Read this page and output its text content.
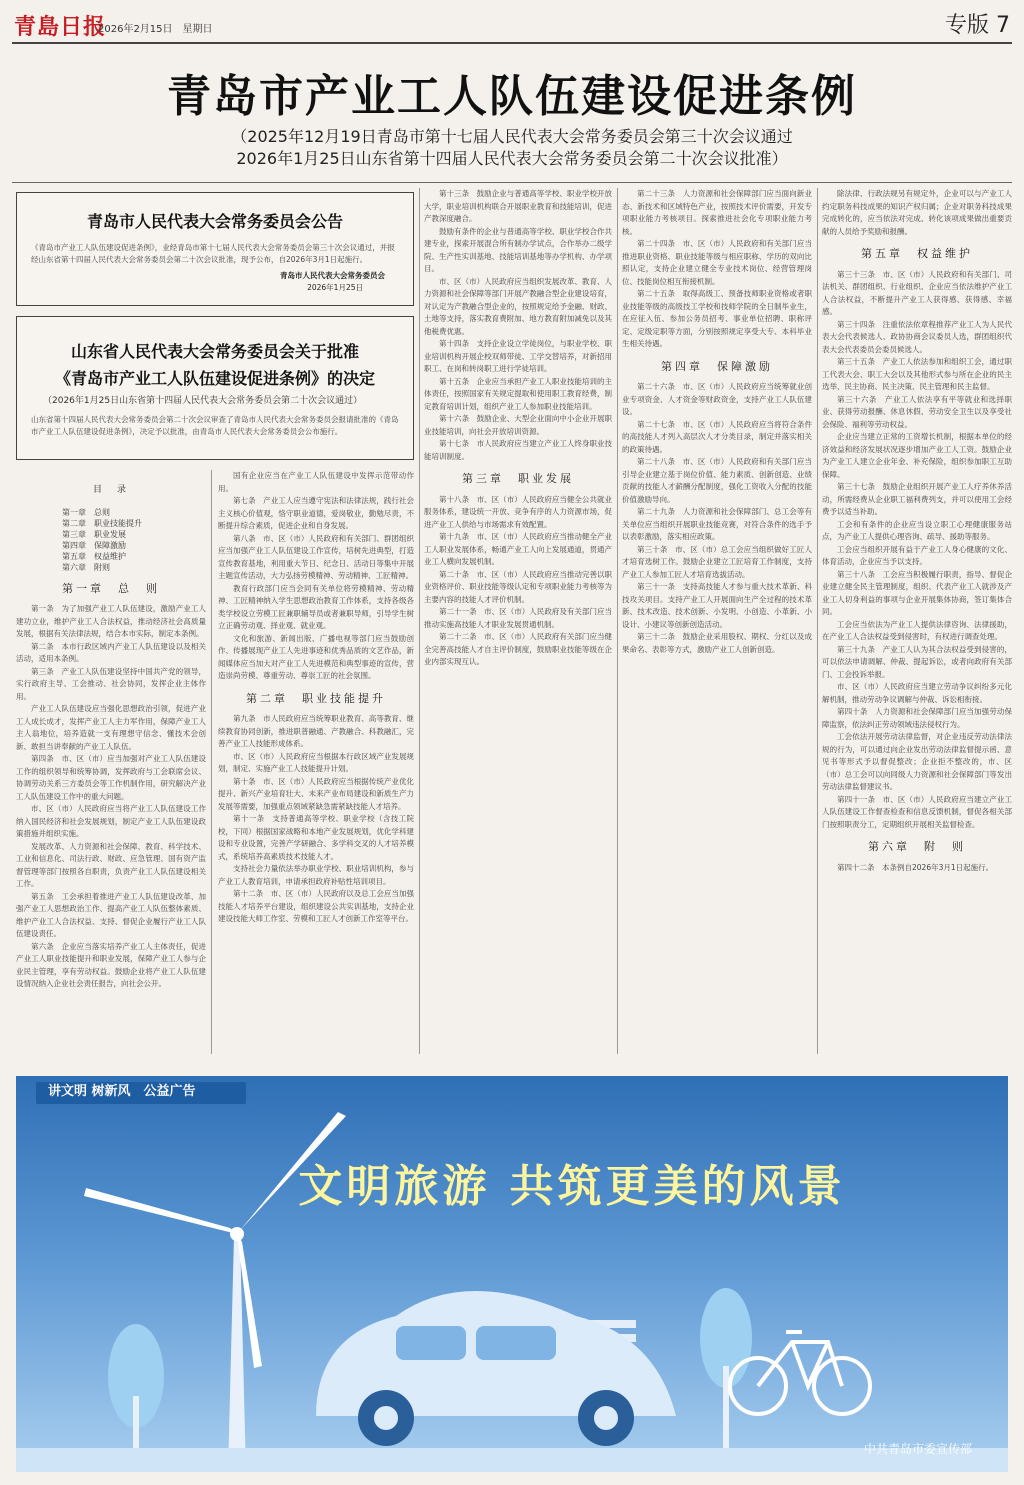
青島日报
2026年2月15日　星期日	专版 7
青岛市产业工人队伍建设促进条例
（2025年12月19日青岛市第十七届人民代表大会常务委员会第三十次会议通过
2026年1月25日山东省第十四届人民代表大会常务委员会第二十次会议批准）
青岛市人民代表大会常务委员会公告
《青岛市产业工人队伍建设促进条例》，业经青岛市第十七届人民代表大会常务委员会第三十次会议通过，并报经山东省第十四届人民代表大会常务委员会第二十次会议批准，现予公布，自2026年3月1日起施行。
青岛市人民代表大会常务委员会
2026年1月25日
山东省人民代表大会常务委员会关于批准
《青岛市产业工人队伍建设促进条例》的决定
（2026年1月25日山东省第十四届人民代表大会常务委员会第二十次会议通过）
山东省第十四届人民代表大会常务委员会第二十次会议审查了青岛市人民代表大会常务委员会报请批准的《青岛市产业工人队伍建设促进条例》，决定予以批准，由青岛市人民代表大会常务委员会公布施行。
目　录
第一章　总则
第二章　职业技能提升
第三章　职业发展
第四章　保障激励
第五章　权益维护
第六章　附则
第一章　总　则

第一条　为了加强产业工人队伍建设，激励产业工人建功立业，维护产业工人合法权益，推动经济社会高质量发展，根据有关法律法规，结合本市实际，制定本条例。

第二条　本市行政区域内产业工人队伍建设以及相关活动，适用本条例。

第三条　产业工人队伍建设坚持中国共产党的领导，实行政府主导、工会推动、社会协同，发挥企业主体作用。

产业工人队伍建设应当强化思想政治引领，促进产业工人成长成才，发挥产业工人主力军作用，保障产业工人主人翁地位，培养造就一支有理想守信念、懂技术会创新、敢担当讲奉献的产业工人队伍。

第四条　市、区（市）应当加强对产业工人队伍建设工作的组织领导和统筹协调，发挥政府与工会联席会议、协调劳动关系三方委员会等工作机制作用，研究解决产业工人队伍建设工作中的重大问题。

市、区（市）人民政府应当将产业工人队伍建设工作纳入国民经济和社会发展规划，制定产业工人队伍建设政策措施并组织实施。

发展改革、人力资源和社会保障、教育、科学技术、工业和信息化、司法行政、财政、应急管理、国有资产监督管理等部门按照各自职责，负责产业工人队伍建设相关工作。

第五条　工会承担着推进产业工人队伍建设改革、加强产业工人思想政治工作、提高产业工人队伍整体素质、维护产业工人合法权益、支持、督促企业履行产业工人队伍建设责任。

第六条　企业应当落实培养产业工人主体责任，促进产业工人职业技能提升和职业发展，保障产业工人参与企业民主管理，享有劳动权益。鼓励企业将产业工人队伍建设情况纳入企业社会责任报告，向社会公开。

国有企业应当在产业工人队伍建设中发挥示范带动作用。

第七条　产业工人应当遵守宪法和法律法规，践行社会主义核心价值观，恪守职业道德，爱岗敬业，勤勉尽责，不断提升综合素质，促进企业和自身发展。

第八条　市、区（市）人民政府和有关部门、群团组织应当加强产业工人队伍建设工作宣传，培树先进典型，打造宣传教育基地，利用重大节日、纪念日、活动日等集中开展主题宣传活动，大力弘扬劳模精神、劳动精神、工匠精神。

教育行政部门应当会同有关单位将劳模精神、劳动精神、工匠精神纳入学生思想政治教育工作体系，支持各级各类学校设立劳模工匠兼职辅导员或者兼职导师，引导学生树立正确劳动观、择业观、就业观。

文化和旅游、新闻出版、广播电视等部门应当鼓励创作、传播展现产业工人先进事迹和优秀品质的文艺作品，新闻媒体应当加大对产业工人先进模范和典型事迹的宣传，营造崇尚劳模、尊重劳动、尊崇工匠的社会氛围。

第二章　职业技能提升

第九条　市人民政府应当统筹职业教育、高等教育、继续教育协同创新，推进职普融通、产教融合、科教融汇，完善产业工人技能形成体系。

市、区（市）人民政府应当根据本行政区域产业发展规划，制定、实施产业工人技能提升计划。

第十条　市、区（市）人民政府应当根据传统产业优化提升、新兴产业培育壮大、未来产业布局建设和新质生产力发展等需要，加强重点领域紧缺急需紧缺技能人才培养。

第十一条　支持普通高等学校、职业学校（含技工院校，下同）根据国家战略和本地产业发展规划，优化学科建设和专业设置，完善产学研融合、多学科交叉的人才培养模式，系统培养高素质技术技能人才。

支持社会力量依法举办职业学校、职业培训机构，参与产业工人教育培训，申请承担政府补贴性培训项目。

第十二条　市、区（市）人民政府以及总工会应当加强技能人才培养平台建设，组织建设公共实训基地，支持企业建设技能大师工作室、劳模和工匠人才创新工作室等平台。

第十三条　鼓励企业与普通高等学校、职业学校开放大学，职业培训机构联合开展职业教育和技能培训，促进产教深度融合。

鼓励有条件的企业与普通高等学校、职业学校合作共建专业，探索开展混合所有制办学试点，合作举办二级学院、生产性实训基地、技能培训基地等办学机构、办学项目。

市、区（市）人民政府应当组织发展改革、教育、人力资源和社会保障等部门开展产教融合型企业建设培育，对认定为产教融合型企业的，按照规定给予金融、财政、土地等支持，落实教育费附加、地方教育附加减免以及其他税费优惠。

第十四条　支持企业设立学徒岗位，与职业学校、职业培训机构开展企校双师带徒、工学交替培养，对新招用职工、在岗和转岗职工进行学徒培训。

第十五条　企业应当承担产业工人职业技能培训的主体责任，按照国家有关规定提取和使用职工教育经费，制定教育培训计划，组织产业工人参加职业技能培训。

第十六条　鼓励企业、大型企业面向中小企业开展职业技能培训，向社会开放培训资源。

第十七条　市人民政府应当建立产业工人终身职业技能培训制度。

第三章　职业发展

第十八条　市、区（市）人民政府应当健全公共就业服务体系，建设统一开放、竞争有序的人力资源市场，促进产业工人供给与市场需求有效配置。

第十九条　市、区（市）人民政府应当推动健全产业工人职业发展体系，畅通产业工人向上发展通道，贯通产业工人横向发展机制。

第二十条　市、区（市）人民政府应当推动完善以职业资格评价、职业技能等级认定和专项职业能力考核等为主要内容的技能人才评价机制。

第二十一条　市、区（市）人民政府及有关部门应当推动实施高技能人才职业发展贯通机制。

第二十二条　市、区（市）人民政府有关部门应当健全完善高技能人才自主评价制度，鼓励职业技能等级在企业内部实现互认。

第二十三条　人力资源和社会保障部门应当面向新业态、新技术和区域特色产业，按照技术评价需要，开发专项职业能力考核项目。探索推进社会化专项职业能力考核。

第二十四条　市、区（市）人民政府和有关部门应当推进职业资格、职业技能等级与相应职称、学历的双向比照认定，支持企业建立健全专业技术岗位、经营管理岗位、技能岗位相互衔接机制。

第二十五条　取得高级工、预备技师职业资格或者职业技能等级的高级技工学校和技师学院的全日制毕业生，在应征入伍、参加公务员招考、事业单位招聘、职称评定、定级定职等方面，分别按照规定享受大专、本科毕业生相关待遇。

第四章　保障激励

第二十六条　市、区（市）人民政府应当统筹就业创业专项资金、人才资金等财政资金，支持产业工人队伍建设。

第二十七条　市、区（市）人民政府应当将符合条件的高技能人才列入高层次人才分类目录，制定并落实相关的政策待遇。

第二十八条　市、区（市）人民政府和有关部门应当引导企业建立基于岗位价值、能力素质、创新创造、业绩贡献的技能人才薪酬分配制度，强化工资收入分配的技能价值激励导向。

第二十九条　人力资源和社会保障部门、总工会等有关单位应当组织开展职业技能竞赛，对符合条件的选手予以表彰激励，落实相应政策。

第三十条　市、区（市）总工会应当组织做好工匠人才培育选树工作。鼓励企业建立工匠培育工作制度，支持产业工人参加工匠人才培育选拔活动。

第三十一条　支持高技能人才参与重大技术革新、科技攻关项目。支持产业工人开展面向生产全过程的技术革新、技术改造、技术创新、小发明、小创造、小革新、小设计、小建议等创新创造活动。

第三十二条　鼓励企业采用股权、期权、分红以及成果命名、表彰等方式，激励产业工人创新创造。

除法律、行政法规另有规定外，企业可以与产业工人约定职务科技成果的知识产权归属；企业对职务科技成果完成转化的，应当依法对完成、转化该项成果做出重要贡献的人员给予奖励和报酬。

第五章　权益维护

第三十三条　市、区（市）人民政府和有关部门、司法机关、群团组织、行业组织、企业应当依法维护产业工人合法权益，不断提升产业工人获得感、获得感、幸福感。

第三十四条　注重依法依章程推荐产业工人为人民代表大会代表候选人、政协协商会议委员人选，群团组织代表大会代表委员会委员候选人。

第三十五条　产业工人依法参加和组织工会，通过职工代表大会、职工大会以及其他形式参与所在企业的民主选举、民主协商、民主决策、民主管理和民主监督。

第三十六条　产业工人依法享有平等就业和选择职业、获得劳动报酬、休息休假、劳动安全卫生以及享受社会保险、福利等劳动权益。

企业应当建立正常的工资增长机制，根据本单位的经济效益和经济发展状况逐步增加产业工人工资。鼓励企业为产业工人建立企业年金、补充保险，组织参加职工互助保障。

第三十七条　鼓励企业组织开展产业工人疗养休养活动，所需经费从企业职工福利费列支，并可以使用工会经费予以适当补助。

工会和有条件的企业应当设立职工心理健康服务站点，为产业工人提供心理咨询、疏导、援助等服务。

工会应当组织开展有益于产业工人身心健康的文化、体育活动，企业应当予以支持。

第三十八条　工会应当积极履行职责，指导、督促企业建立健全民主管理制度，组织、代表产业工人就涉及产业工人切身利益的事项与企业开展集体协商，签订集体合同。

工会应当依法为产业工人提供法律咨询、法律援助，在产业工人合法权益受到侵害时，有权进行调查处理。

第三十九条　产业工人认为其合法权益受到侵害的，可以依法申请调解、仲裁、提起诉讼，或者向政府有关部门、工会投诉举报。

市、区（市）人民政府应当建立劳动争议纠纷多元化解机制，推动劳动争议调解与仲裁、诉讼相衔接。

第四十条　人力资源和社会保障部门应当加强劳动保障监察，依法纠正劳动领域违法侵权行为。

工会依法开展劳动法律监督，对企业违反劳动法律法规的行为，可以通过向企业发出劳动法律监督提示函、意见书等形式予以督促整改；企业拒不整改的，市、区（市）总工会可以向同级人力资源和社会保障部门等发出劳动法律监督建议书。

第四十一条　市、区（市）人民政府应当建立产业工人队伍建设工作督查检查和信息反馈机制，督促各相关部门按照职责分工，定期组织开展相关监督检查。

第六章　附　则

第四十二条　本条例自2026年3月1日起施行。

讲文明 树新风　公益广告
文明旅游 共筑更美的风景
中共青岛市委宣传部
